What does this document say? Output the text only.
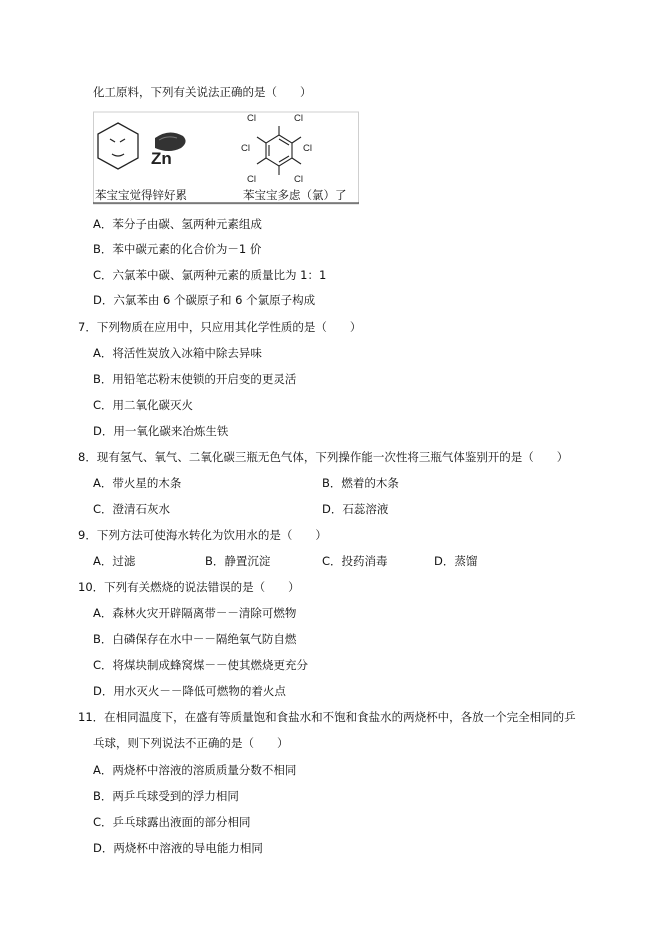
化工原料，下列有关说法正确的是（　　）
Zn
Cl	Cl
Cl	Cl
Cl	Cl
苯宝宝觉得锌好累	苯宝宝多虑（氯）了
A．苯分子由碳、氢两种元素组成
B．苯中碳元素的化合价为－1 价
C．六氯苯中碳、氯两种元素的质量比为 1：1
D．六氯苯由 6 个碳原子和 6 个氯原子构成
7．下列物质在应用中，只应用其化学性质的是（　　）
A．将活性炭放入冰箱中除去异味
B．用铅笔芯粉末使锁的开启变的更灵活
C．用二氧化碳灭火
D．用一氧化碳来冶炼生铁
8．现有氢气、氧气、二氧化碳三瓶无色气体，下列操作能一次性将三瓶气体鉴别开的是（　　）
A．带火星的木条	B．燃着的木条
C．澄清石灰水	D．石蕊溶液
9．下列方法可使海水转化为饮用水的是（　　）
A．过滤	B．静置沉淀	C．投药消毒	D．蒸馏
10．下列有关燃烧的说法错误的是（　　）
A．森林火灾开辟隔离带－－清除可燃物
B．白磷保存在水中－－隔绝氧气防自燃
C．将煤块制成蜂窝煤－－使其燃烧更充分
D．用水灭火－－降低可燃物的着火点
11．在相同温度下，在盛有等质量饱和食盐水和不饱和食盐水的两烧杯中，各放一个完全相同的乒
乓球，则下列说法不正确的是（　　）
A．两烧杯中溶液的溶质质量分数不相同
B．两乒乓球受到的浮力相同
C．乒乓球露出液面的部分相同
D．两烧杯中溶液的导电能力相同
